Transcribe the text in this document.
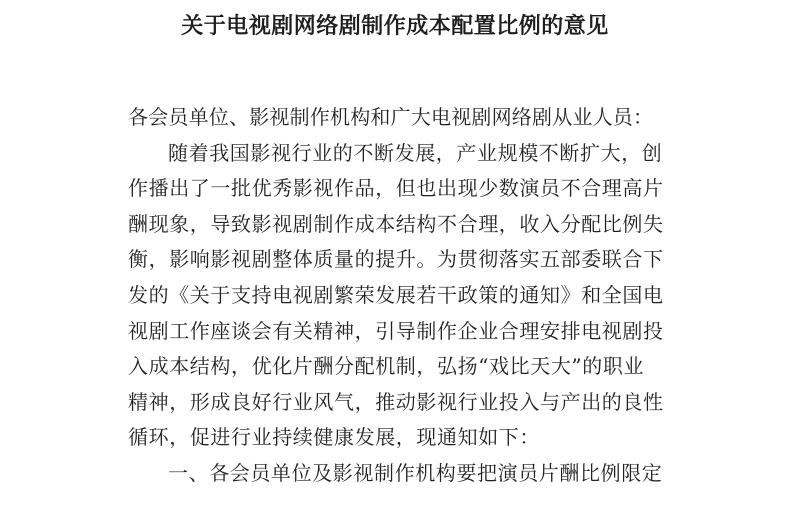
关于电视剧网络剧制作成本配置比例的意见
各会员单位、影视制作机构和广大电视剧网络剧从业人员：
随着我国影视行业的不断发展，产业规模不断扩大，创
作播出了一批优秀影视作品，但也出现少数演员不合理高片
酬现象，导致影视剧制作成本结构不合理，收入分配比例失
衡，影响影视剧整体质量的提升。为贯彻落实五部委联合下
发的《关于支持电视剧繁荣发展若干政策的通知》和全国电
视剧工作座谈会有关精神，引导制作企业合理安排电视剧投
入成本结构，优化片酬分配机制，弘扬“戏比天大”的职业
精神，形成良好行业风气，推动影视行业投入与产出的良性
循环，促进行业持续健康发展，现通知如下：
一、各会员单位及影视制作机构要把演员片酬比例限定
